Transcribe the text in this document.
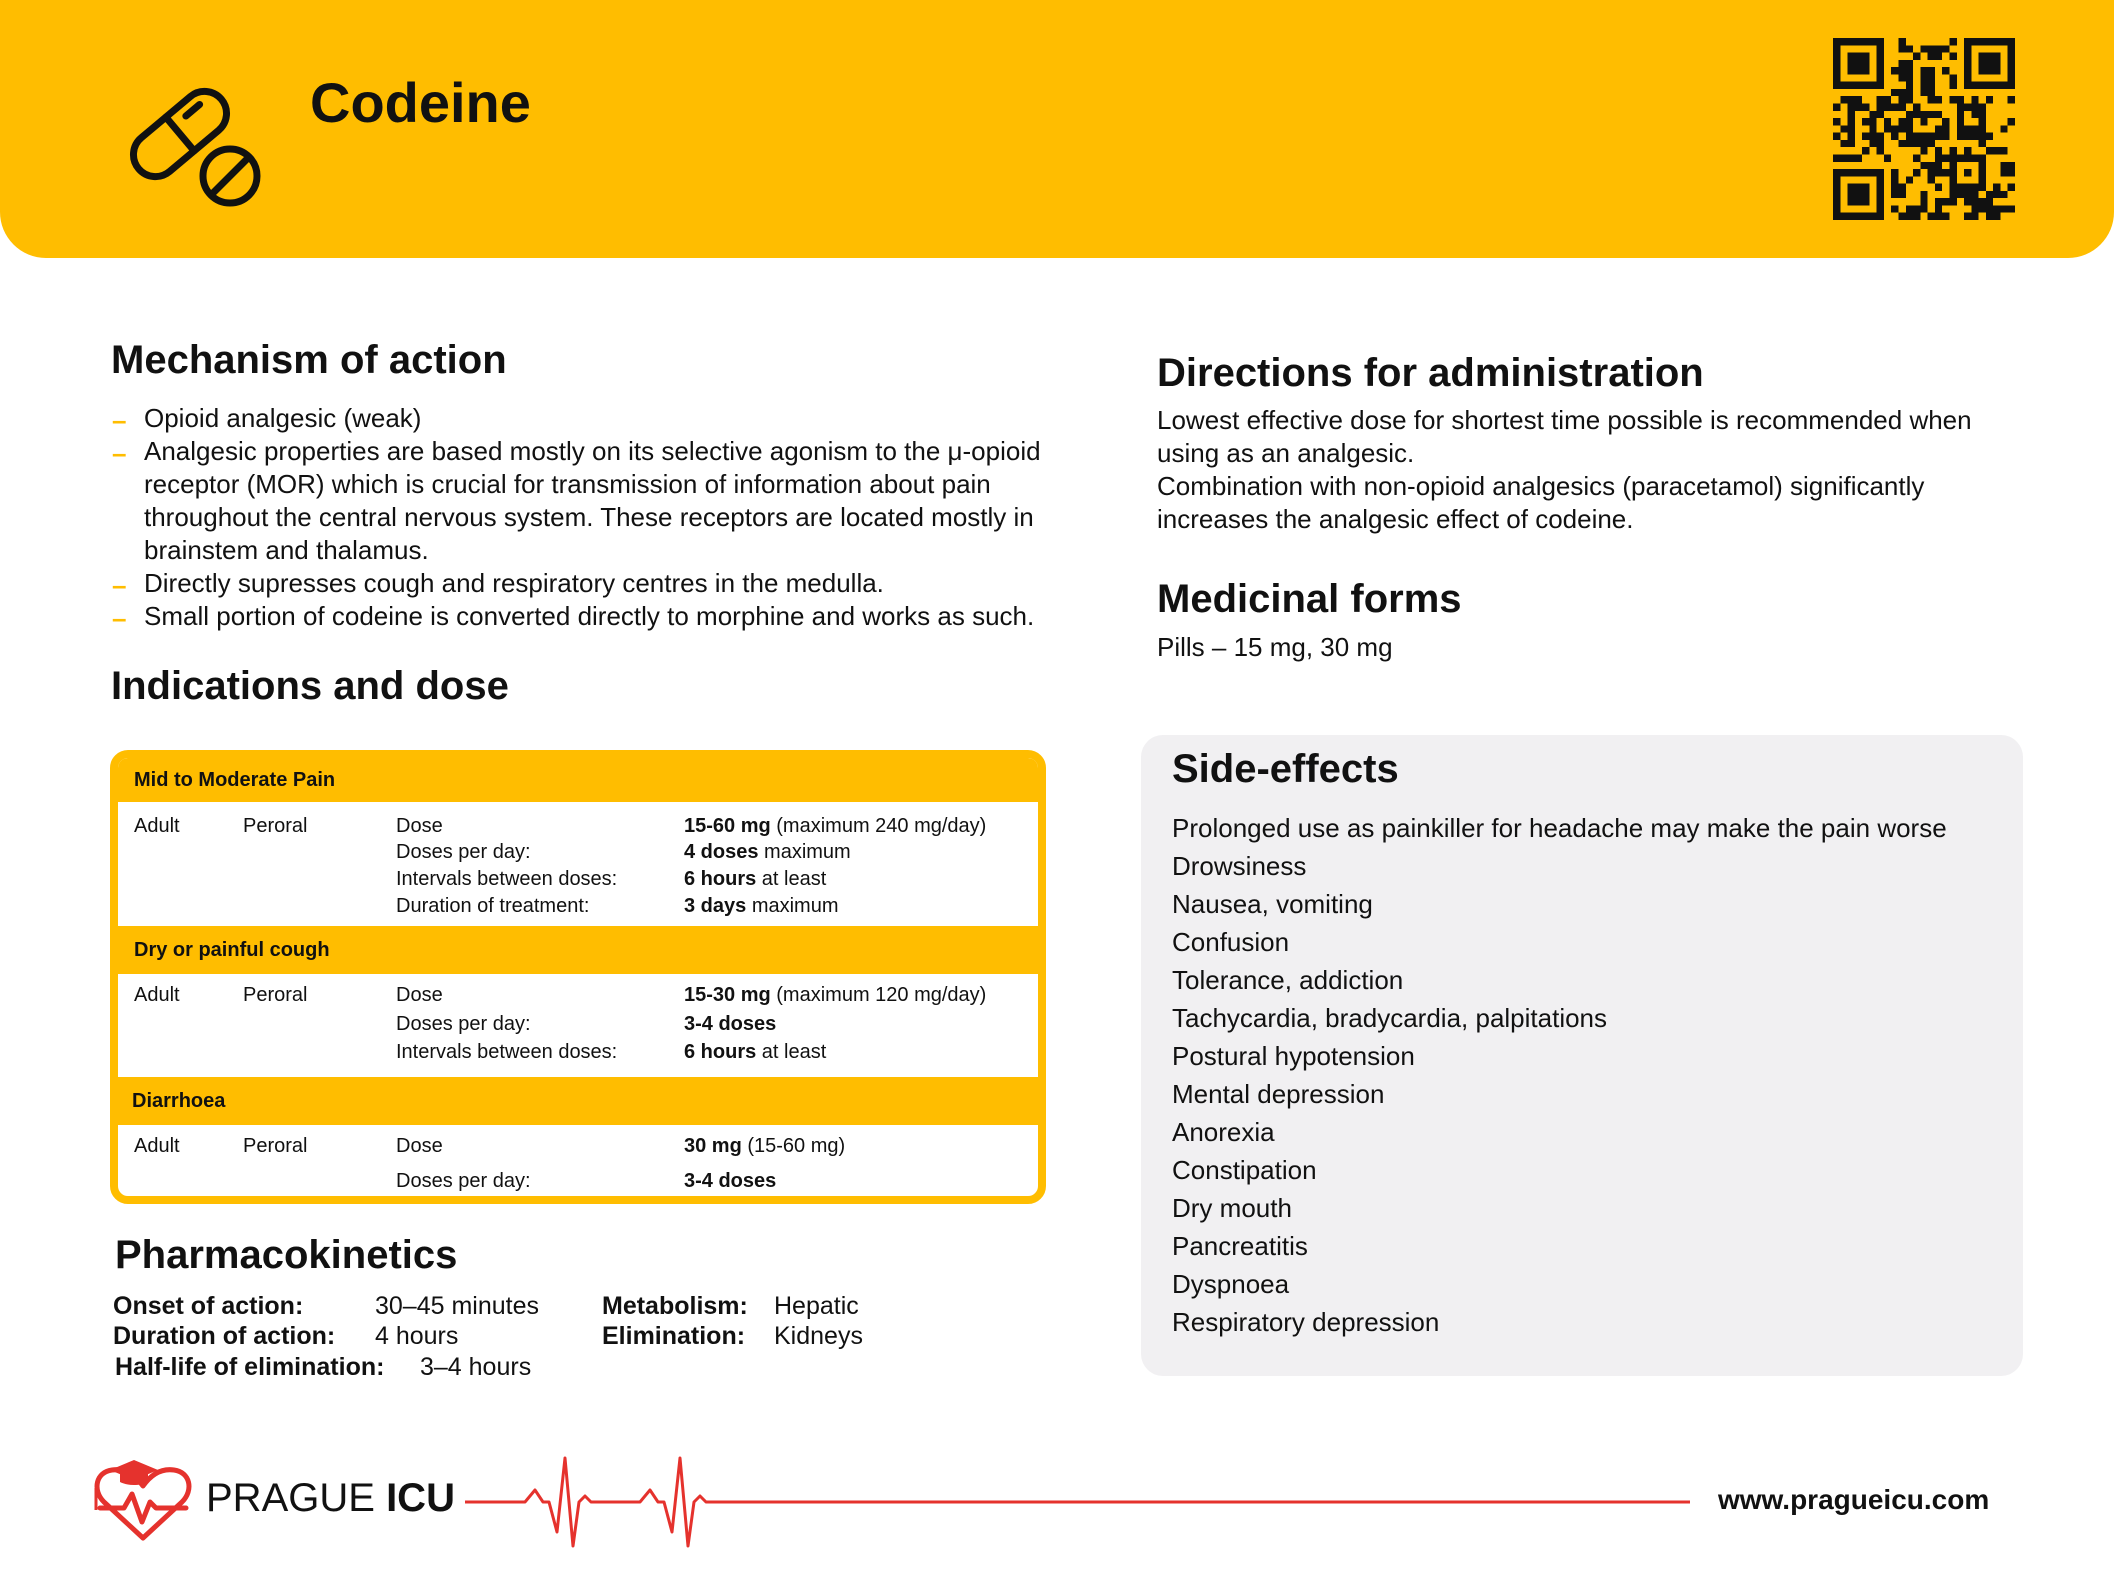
Codeine
Mechanism of action
– Opioid analgesic (weak)
– Analgesic properties are based mostly on its selective agonism to the μ-opioid receptor (MOR) which is crucial for transmission of information about pain throughout the central nervous system. These receptors are located mostly in brainstem and thalamus.
– Directly supresses cough and respiratory centres in the medulla.
– Small portion of codeine is converted directly to morphine and works as such.
Indications and dose
Mid to Moderate Pain
Adult	Peroral	Dose	15-60 mg (maximum 240 mg/day)
Doses per day:	4 doses maximum
Intervals between doses:	6 hours at least
Duration of treatment:	3 days maximum
Dry or painful cough
Adult	Peroral	Dose	15-30 mg (maximum 120 mg/day)
Doses per day:	3-4 doses
Intervals between doses:	6 hours at least
Diarrhoea
Adult	Peroral	Dose	30 mg (15-60 mg)
Doses per day:	3-4 doses
Pharmacokinetics
Onset of action:	30–45 minutes
Duration of action: 4 hours
Half-life of elimination: 3–4 hours
Metabolism: Hepatic
Elimination: Kidneys
Directions for administration
Lowest effective dose for shortest time possible is recommended when using as an analgesic.
Combination with non-opioid analgesics (paracetamol) significantly increases the analgesic effect of codeine.
Medicinal forms
Pills – 15 mg, 30 mg
Side-effects
Prolonged use as painkiller for headache may make the pain worse
Drowsiness
Nausea, vomiting
Confusion
Tolerance, addiction
Tachycardia, bradycardia, palpitations
Postural hypotension
Mental depression
Anorexia
Constipation
Dry mouth
Pancreatitis
Dyspnoea
Respiratory depression
PRAGUE ICU	www.pragueicu.com
